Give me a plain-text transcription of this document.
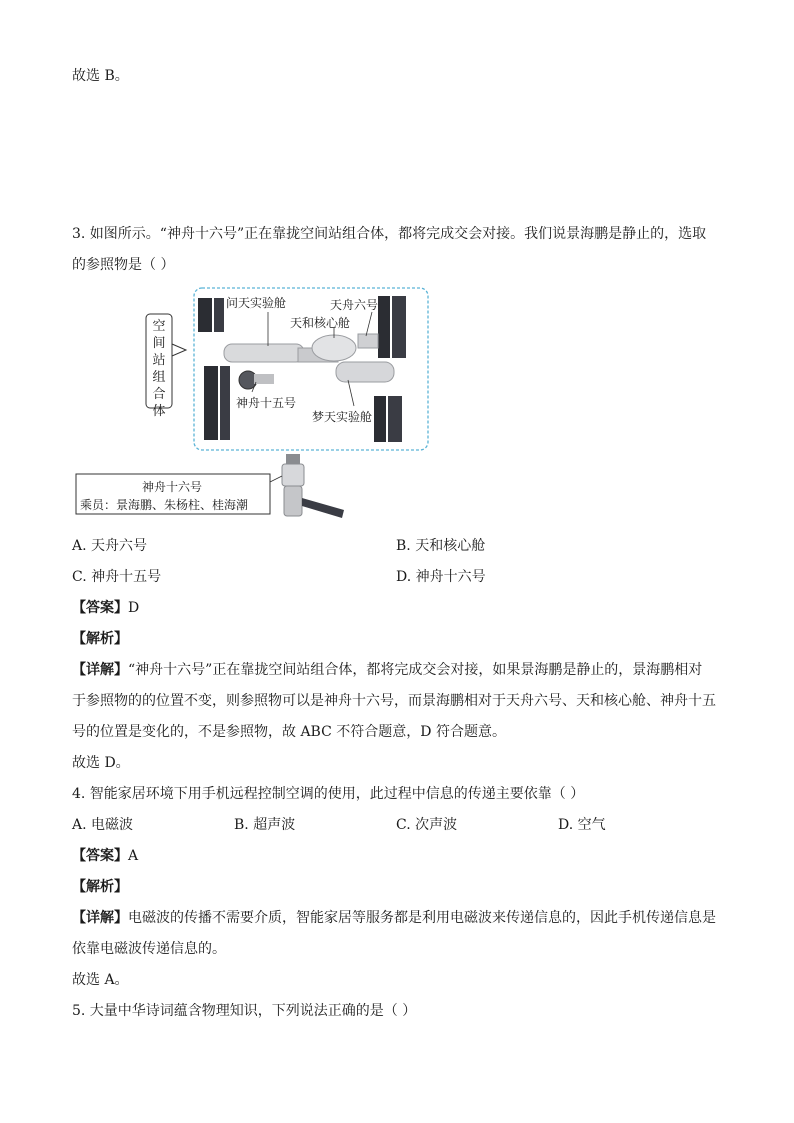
故选 B。
3. 如图所示。“神舟十六号”正在靠拢空间站组合体，都将完成交会对接。我们说景海鹏是静止的，选取
的参照物是（ ）
空间站组合体
问天实验舱	天舟六号
天和核心舱
神舟十五号
梦天实验舱
神舟十六号
乘员：景海鹏、朱杨柱、桂海潮
A. 天舟六号	B. 天和核心舱
C. 神舟十五号	D. 神舟十六号
【答案】D
【解析】
【详解】“神舟十六号”正在靠拢空间站组合体，都将完成交会对接，如果景海鹏是静止的，景海鹏相对
于参照物的的位置不变，则参照物可以是神舟十六号，而景海鹏相对于天舟六号、天和核心舱、神舟十五
号的位置是变化的，不是参照物，故 ABC 不符合题意，D 符合题意。
故选 D。
4. 智能家居环境下用手机远程控制空调的使用，此过程中信息的传递主要依靠（ ）
A. 电磁波	B. 超声波	C. 次声波	D. 空气
【答案】A
【解析】
【详解】电磁波的传播不需要介质，智能家居等服务都是利用电磁波来传递信息的，因此手机传递信息是
依靠电磁波传递信息的。
故选 A。
5. 大量中华诗词蕴含物理知识，下列说法正确的是（ ）
